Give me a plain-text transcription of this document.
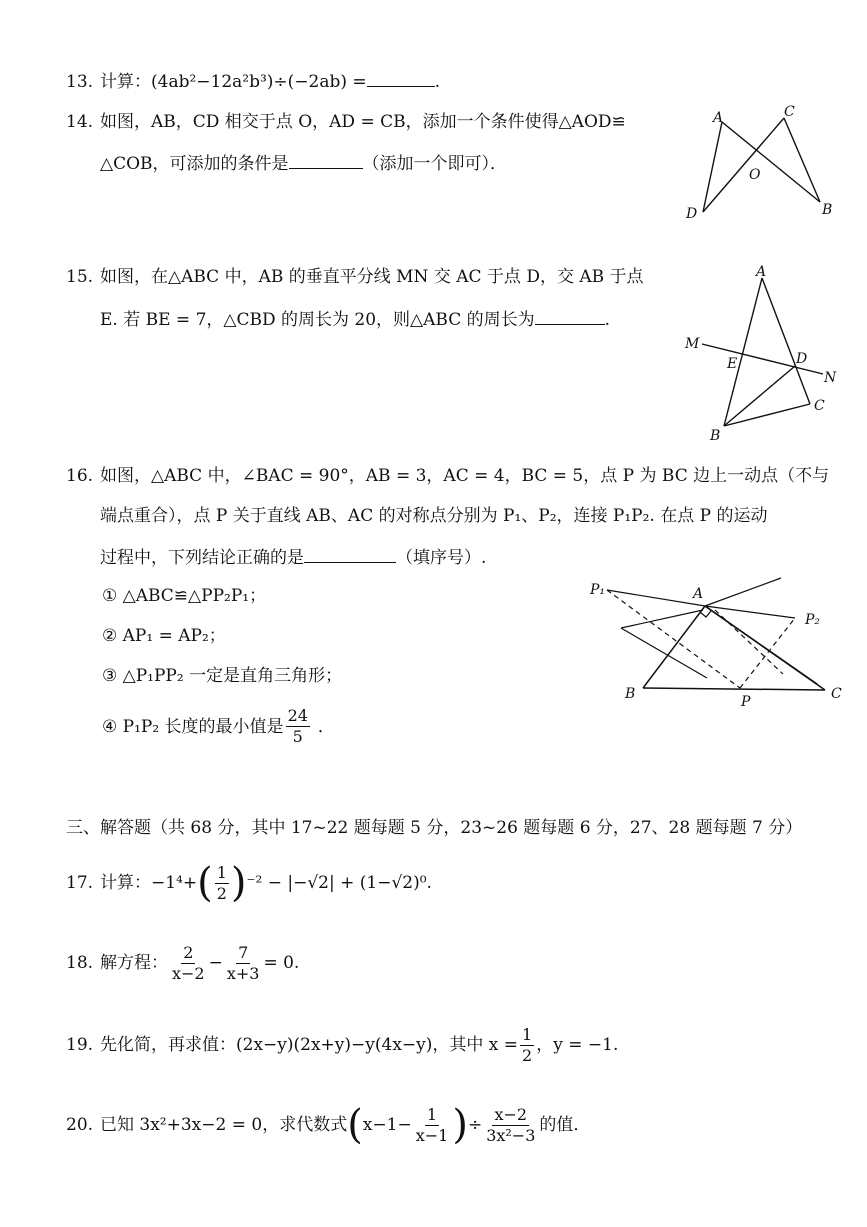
13. 计算：(4ab²−12a²b³)÷(−2ab) =	.
14. 如图，AB，CD 相交于点 O，AD = CB，添加一个条件使得△AOD≌
△COB，可添加的条件是	（添加一个即可）．
A	C
O
D	B
15. 如图，在△ABC 中，AB 的垂直平分线 MN 交 AC 于点 D，交 AB 于点
E. 若 BE = 7，△CBD 的周长为 20，则△ABC 的周长为	.
A
M
E	D
N
B
C
16. 如图，△ABC 中，∠BAC = 90°，AB = 3，AC = 4，BC = 5，点 P 为 BC 边上一动点（不与
端点重合），点 P 关于直线 AB、AC 的对称点分别为 P₁、P₂，连接 P₁P₂. 在点 P 的运动
过程中，下列结论正确的是	（填序号）.
① △ABC≌△PP₂P₁；
② AP₁ = AP₂；
③ △P₁PP₂ 一定是直角三角形；
④ P₁P₂ 长度的最小值是 $\frac{24}{5}$ ．
P₁	A
P₂
B	P	C
三、解答题（共 68 分，其中 17~22 题每题 5 分，23~26 题每题 6 分，27、28 题每题 7 分）
17. 计算：−1⁴+ ( $\frac{1}{2}$ ) ⁻² − |−√2| + (1−√2)⁰.
18. 解方程： $\frac{2}{x-2} - \frac{7}{x+3} = 0$.
19. 先化简，再求值：(2x−y)(2x+y)−y(4x−y)，其中 $x = \frac{1}{2}$ ，y = −1.
20. 已知 3x²+3x−2 = 0，求代数式 ( $x-1- \frac{1}{x-1}$ ) ÷ $\frac{x-2}{\text{3x²−3}}$ 的值．
